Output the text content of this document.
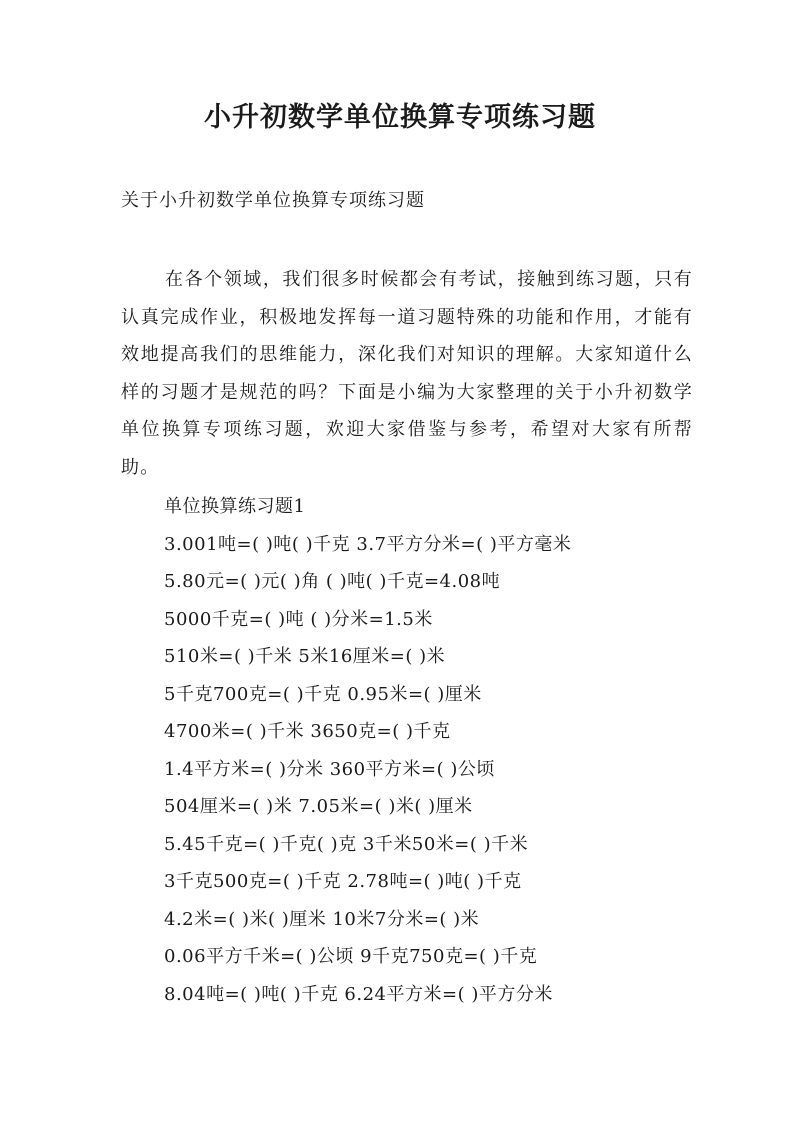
小升初数学单位换算专项练习题
关于小升初数学单位换算专项练习题

在各个领域，我们很多时候都会有考试，接触到练习题，只有认真完成作业，积极地发挥每一道习题特殊的功能和作用，才能有效地提高我们的思维能力，深化我们对知识的理解。大家知道什么样的习题才是规范的吗？下面是小编为大家整理的关于小升初数学单位换算专项练习题，欢迎大家借鉴与参考，希望对大家有所帮助。

单位换算练习题1
3.001吨=( )吨( )千克 3.7平方分米=( )平方毫米
5.80元=( )元( )角 ( )吨( )千克=4.08吨
5000千克=( )吨 ( )分米=1.5米
510米=( )千米 5米16厘米=( )米
5千克700克=( )千克 0.95米=( )厘米
4700米=( )千米 3650克=( )千克
1.4平方米=( )分米 360平方米=( )公顷
504厘米=( )米 7.05米=( )米( )厘米
5.45千克=( )千克( )克 3千米50米=( )千米
3千克500克=( )千克 2.78吨=( )吨( )千克
4.2米=( )米( )厘米 10米7分米=( )米
0.06平方千米=( )公顷 9千克750克=( )千克
8.04吨=( )吨( )千克 6.24平方米=( )平方分米
